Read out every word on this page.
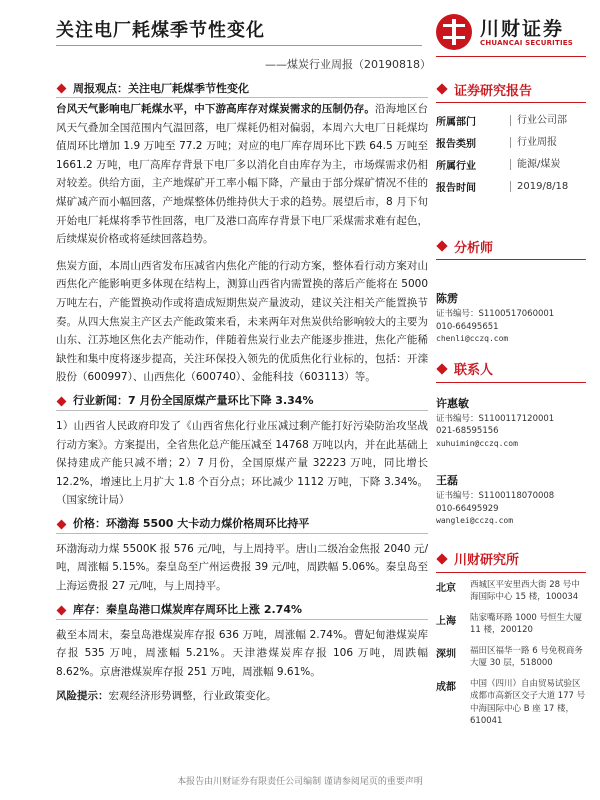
关注电厂耗煤季节性变化
——煤炭行业周报（20190818）
川财证券
CHUANCAI SECURITIES
周报观点：关注电厂耗煤季节性变化

台风天气影响电厂耗煤水平，中下游高库存对煤炭需求的压制仍存。沿海地区台风天气叠加全国范围内气温回落，电厂煤耗仍相对偏弱，本周六大电厂日耗煤均值周环比增加 1.9 万吨至 77.2 万吨；对应的电厂库存周环比下跌 64.5 万吨至 1661.2 万吨，电厂高库存背景下电厂多以消化自由库存为主，市场煤需求仍相对较差。供给方面，主产地煤矿开工率小幅下降，产量由于部分煤矿情况不佳的煤矿减产而小幅回落，产地煤整体仍维持供大于求的趋势。展望后市，8 月下旬开始电厂耗煤将季节性回落，电厂及港口高库存背景下电厂采煤需求难有起色，后续煤炭价格或将延续回落趋势。

焦炭方面，本周山西省发布压减省内焦化产能的行动方案，整体看行动方案对山西焦化产能影响更多体现在结构上，测算山西省内需置换的落后产能将在 5000 万吨左右，产能置换动作或将造成短期焦炭产量波动，建议关注相关产能置换节奏。从四大焦炭主产区去产能政策来看，未来两年对焦炭供给影响较大的主要为山东、江苏地区焦化去产能动作，伴随着焦炭行业去产能逐步推进，焦化产能稀缺性和集中度将逐步提高，关注环保投入领先的优质焦化行业标的，包括：开滦股份（600997）、山西焦化（600740）、金能科技（603113）等。

行业新闻：7 月份全国原煤产量环比下降 3.34%

1）山西省人民政府印发了《山西省焦化行业压减过剩产能打好污染防治攻坚战行动方案》。方案提出，全省焦化总产能压减至 14768 万吨以内，并在此基础上保持建成产能只减不增；2）7 月份，全国原煤产量 32223 万吨，同比增长 12.2%，增速比上月扩大 1.8 个百分点；环比减少 1112 万吨，下降 3.34%。（国家统计局）

价格：环渤海 5500 大卡动力煤价格周环比持平

环渤海动力煤 5500K 报 576 元/吨，与上周持平。唐山二级冶金焦报 2040 元/吨，周涨幅 5.15%。秦皇岛至广州运费报 39 元/吨，周跌幅 5.06%。秦皇岛至上海运费报 27 元/吨，与上周持平。

库存：秦皇岛港口煤炭库存周环比上涨 2.74%

截至本周末，秦皇岛港煤炭库存报 636 万吨，周涨幅 2.74%。曹妃甸港煤炭库存报 535 万吨，周涨幅 5.21%。天津港煤炭库存报 106 万吨，周跌幅 8.62%。京唐港煤炭库存报 251 万吨，周涨幅 9.61%。

风险提示：宏观经济形势调整，行业政策变化。
证券研究报告
所属部门	行业公司部
报告类别	行业周报
所属行业	能源/煤炭
报告时间	2019/8/18
分析师
陈雳
证书编号：S1100517060001
010-66495651
chenli@cczq.com
联系人
许惠敏
证书编号：S1100117120001
021-68595156
xuhuimin@cczq.com
王磊
证书编号：S1100118070008
010-66495929
wanglei@cczq.com
川财研究所
北京	西城区平安里西大街 28 号中海国际中心 15 楼，100034
上海	陆家嘴环路 1000 号恒生大厦 11 楼，200120
深圳	福田区福华一路 6 号免税商务大厦 30 层，518000
成都	中国（四川）自由贸易试验区成都市高新区交子大道 177 号中海国际中心 B 座 17 楼，610041
本报告由川财证券有限责任公司编制 谨请参阅尾页的重要声明
